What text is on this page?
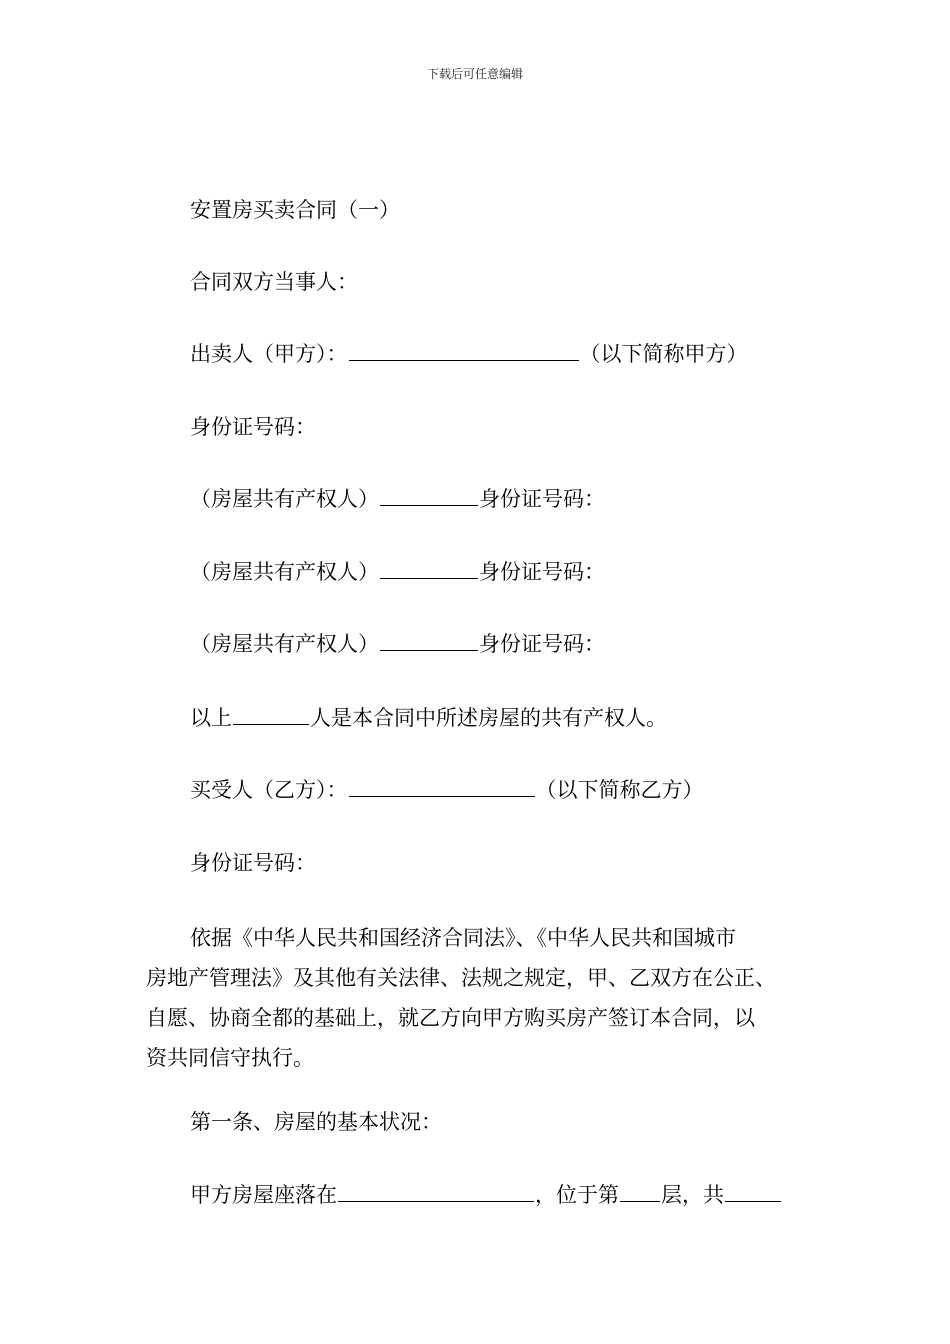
下载后可任意编辑
安置房买卖合同（一）
合同双方当事人：
出卖人（甲方）：	（以下简称甲方）
身份证号码：
（房屋共有产权人）	身份证号码：
（房屋共有产权人）	身份证号码：
（房屋共有产权人）	身份证号码：
以上	人是本合同中所述房屋的共有产权人。
买受人（乙方）：	（以下简称乙方）
身份证号码：
依据《中华人民共和国经济合同法》、《中华人民共和国城市
房地产管理法》及其他有关法律、法规之规定，甲、乙双方在公正、
自愿、协商全都的基础上，就乙方向甲方购买房产签订本合同，以
资共同信守执行。
第一条、房屋的基本状况：
甲方房屋座落在	，位于第 层，共
